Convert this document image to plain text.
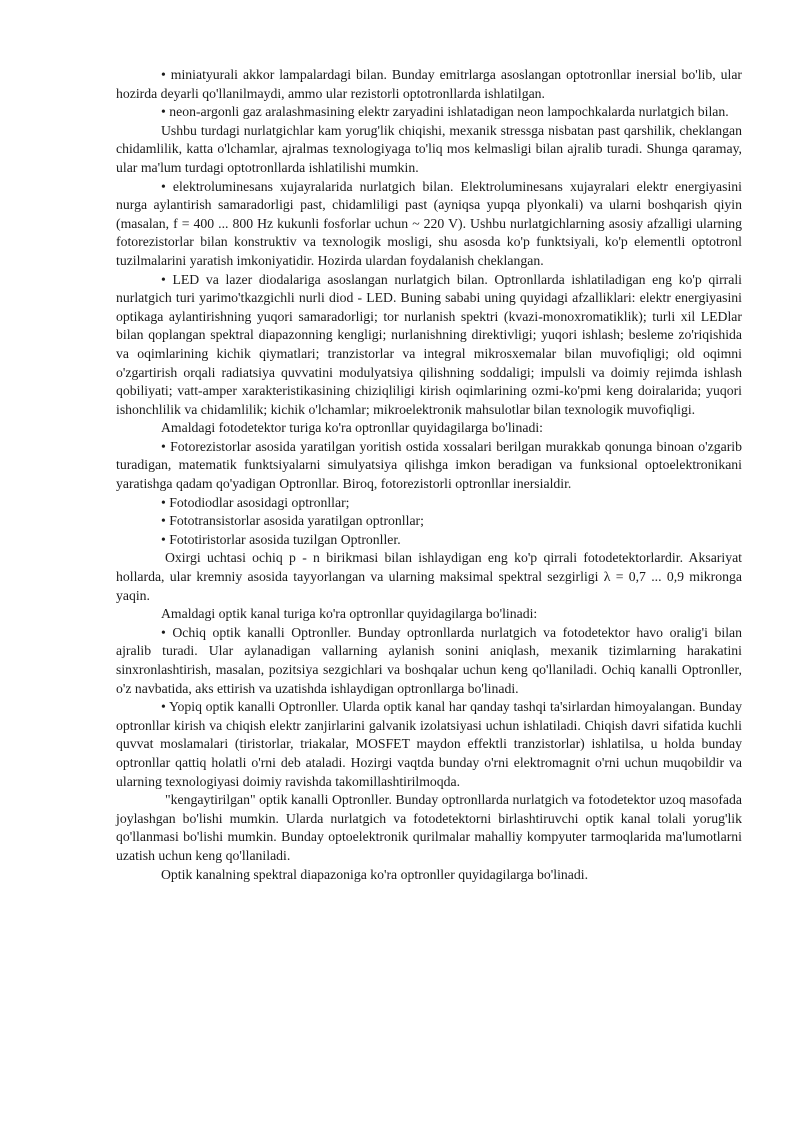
• miniatyurali akkor lampalardagi bilan. Bunday emitrlarga asoslangan optotronllar inersial bo'lib, ular hozirda deyarli qo'llanilmaydi, ammo ular rezistorli optotronllarda ishlatilgan.

• neon-argonli gaz aralashmasining elektr zaryadini ishlatadigan neon lampochkalarda nurlatgich bilan.

Ushbu turdagi nurlatgichlar kam yorug'lik chiqishi, mexanik stressga nisbatan past qarshilik, cheklangan chidamlilik, katta o'lchamlar, ajralmas texnologiyaga to'liq mos kelmasligi bilan ajralib turadi. Shunga qaramay, ular ma'lum turdagi optotronllarda ishlatilishi mumkin.

• elektroluminesans xujayralarida nurlatgich bilan. Elektroluminesans xujayralari elektr energiyasini nurga aylantirish samaradorligi past, chidamliligi past (ayniqsa yupqa plyonkali) va ularni boshqarish qiyin (masalan, f = 400 ... 800 Hz kukunli fosforlar uchun ~ 220 V). Ushbu nurlatgichlarning asosiy afzalligi ularning fotorezistorlar bilan konstruktiv va texnologik mosligi, shu asosda ko'p funktsiyali, ko'p elementli optotronl tuzilmalarini yaratish imkoniyatidir. Hozirda ulardan foydalanish cheklangan.

• LED va lazer diodalariga asoslangan nurlatgich bilan. Optronllarda ishlatiladigan eng ko'p qirrali nurlatgich turi yarimo'tkazgichli nurli diod - LED. Buning sababi uning quyidagi afzalliklari: elektr energiyasini optikaga aylantirishning yuqori samaradorligi; tor nurlanish spektri (kvazi-monoxromatiklik); turli xil LEDlar bilan qoplangan spektral diapazonning kengligi; nurlanishning direktivligi; yuqori ishlash; besleme zo'riqishida va oqimlarining kichik qiymatlari; tranzistorlar va integral mikrosxemalar bilan muvofiqligi; old oqimni o'zgartirish orqali radiatsiya quvvatini modulyatsiya qilishning soddaligi; impulsli va doimiy rejimda ishlash qobiliyati; vatt-amper xarakteristikasining chiziqliligi kirish oqimlarining ozmi-ko'pmi keng doiralarida; yuqori ishonchlilik va chidamlilik; kichik o'lchamlar; mikroelektronik mahsulotlar bilan texnologik muvofiqligi.

Amaldagi fotodetektor turiga ko'ra optronllar quyidagilarga bo'linadi:

• Fotorezistorlar asosida yaratilgan yoritish ostida xossalari berilgan murakkab qonunga binoan o'zgarib turadigan, matematik funktsiyalarni simulyatsiya qilishga imkon beradigan va funksional optoelektronikani yaratishga qadam qo'yadigan Optronllar. Biroq, fotorezistorli optronllar inersialdir.

• Fotodiodlar asosidagi optronllar;

• Fototransistorlar asosida yaratilgan optronllar;

• Fototiristorlar asosida tuzilgan Optronller.

Oxirgi uchtasi ochiq p - n birikmasi bilan ishlaydigan eng ko'p qirrali fotodetektorlardir. Aksariyat hollarda, ular kremniy asosida tayyorlangan va ularning maksimal spektral sezgirligi λ = 0,7 ... 0,9 mikronga yaqin.

Amaldagi optik kanal turiga ko'ra optronllar quyidagilarga bo'linadi:

• Ochiq optik kanalli Optronller. Bunday optronllarda nurlatgich va fotodetektor havo oralig'i bilan ajralib turadi. Ular aylanadigan vallarning aylanish sonini aniqlash, mexanik tizimlarning harakatini sinxronlashtirish, masalan, pozitsiya sezgichlari va boshqalar uchun keng qo'llaniladi. Ochiq kanalli Optronller, o'z navbatida, aks ettirish va uzatishda ishlaydigan optronllarga bo'linadi.

• Yopiq optik kanalli Optronller. Ularda optik kanal har qanday tashqi ta'sirlardan himoyalangan. Bunday optronllar kirish va chiqish elektr zanjirlarini galvanik izolatsiyasi uchun ishlatiladi. Chiqish davri sifatida kuchli quvvat moslamalari (tiristorlar, triakalar, MOSFET maydon effektli tranzistorlar) ishlatilsa, u holda bunday optronllar qattiq holatli o'rni deb ataladi. Hozirgi vaqtda bunday o'rni elektromagnit o'rni uchun muqobildir va ularning texnologiyasi doimiy ravishda takomillashtirilmoqda.

"kengaytirilgan" optik kanalli Optronller. Bunday optronllarda nurlatgich va fotodetektor uzoq masofada joylashgan bo'lishi mumkin. Ularda nurlatgich va fotodetektorni birlashtiruvchi optik kanal tolali yorug'lik qo'llanmasi bo'lishi mumkin. Bunday optoelektronik qurilmalar mahalliy kompyuter tarmoqlarida ma'lumotlarni uzatish uchun keng qo'llaniladi.

Optik kanalning spektral diapazoniga ko'ra optronller quyidagilarga bo'linadi.
